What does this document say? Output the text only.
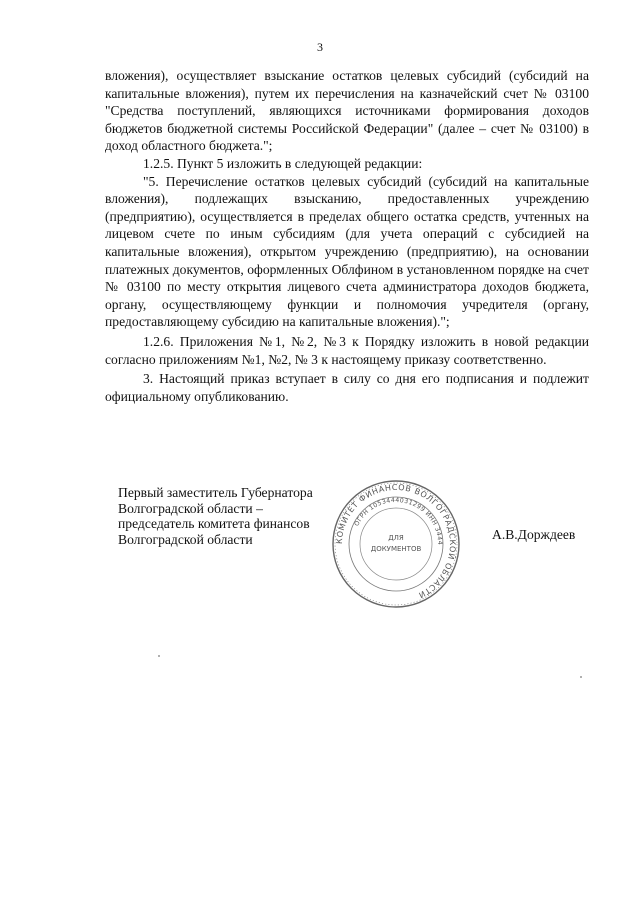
3

вложения), осуществляет взыскание остатков целевых субсидий (субсидий на капитальные вложения), путем их перечисления на казначейский счет № 03100 "Средства поступлений, являющихся источниками формирования доходов бюджетов бюджетной системы Российской Федерации" (далее – счет № 03100) в доход областного бюджета.";

1.2.5. Пункт 5 изложить в следующей редакции:

"5. Перечисление остатков целевых субсидий (субсидий на капитальные вложения), подлежащих взысканию, предоставленных учреждению (предприятию), осуществляется в пределах общего остатка средств, учтенных на лицевом счете по иным субсидиям (для учета операций с субсидией на капитальные вложения), открытом учреждению (предприятию), на основании платежных документов, оформленных Облфином в установленном порядке на счет № 03100 по месту открытия лицевого счета администратора доходов бюджета, органу, осуществляющему функции и полномочия учредителя (органу, предоставляющему субсидию на капитальные вложения).";

1.2.6. Приложения №1, №2, №3 к Порядку изложить в новой редакции согласно приложениям №1, №2, № 3 к настоящему приказу соответственно.

3. Настоящий приказ вступает в силу со дня его подписания и подлежит официальному опубликованию.

Первый заместитель Губернатора
Волгоградской области –
председатель комитета финансов
Волгоградской области	КОМИТЕТ ФИНАНСОВ ВОЛГОГРАДСКОЙ ОБЛАСТИ
ОГРН 1053444031299 ИНН 3444
ДЛЯ
ДОКУМЕНТОВ
А.В.Дорждеев
